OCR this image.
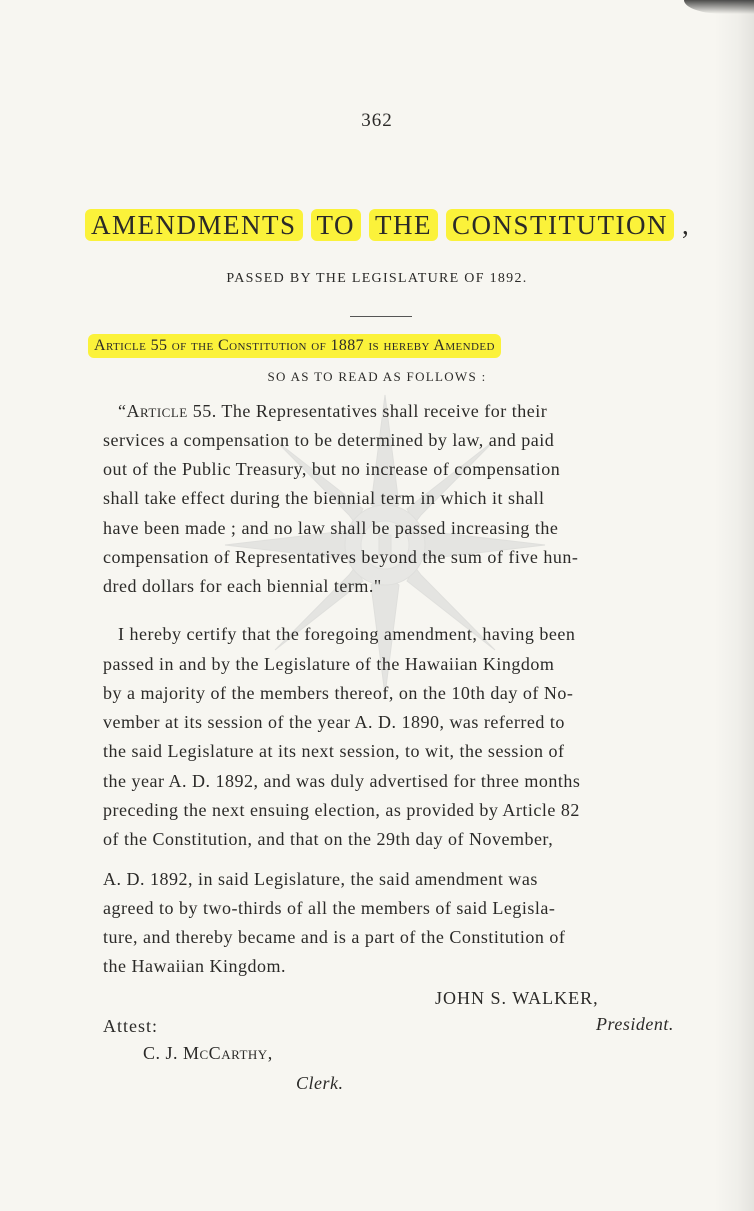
362
AMENDMENTS TO THE CONSTITUTION ,
PASSED BY THE LEGISLATURE OF 1892.
Article 55 of the Constitution of 1887 is hereby Amended
SO AS TO READ AS FOLLOWS :
“Article 55. The Representatives shall receive for their
services a compensation to be determined by law, and paid
out of the Public Treasury, but no increase of compensation
shall take effect during the biennial term in which it shall
have been made ; and no law shall be passed increasing the
compensation of Representatives beyond the sum of five hun-
dred dollars for each biennial term."
I hereby certify that the foregoing amendment, having been
passed in and by the Legislature of the Hawaiian Kingdom
by a majority of the members thereof, on the 10th day of No-
vember at its session of the year A. D. 1890, was referred to
the said Legislature at its next session, to wit, the session of
the year A. D. 1892, and was duly advertised for three months
preceding the next ensuing election, as provided by Article 82
of the Constitution, and that on the 29th day of November,
A. D. 1892, in said Legislature, the said amendment was
agreed to by two-thirds of all the members of said Legisla-
ture, and thereby became and is a part of the Constitution of
the Hawaiian Kingdom.
JOHN S. WALKER,
President.
Attest:
C. J. McCarthy,
Clerk.
